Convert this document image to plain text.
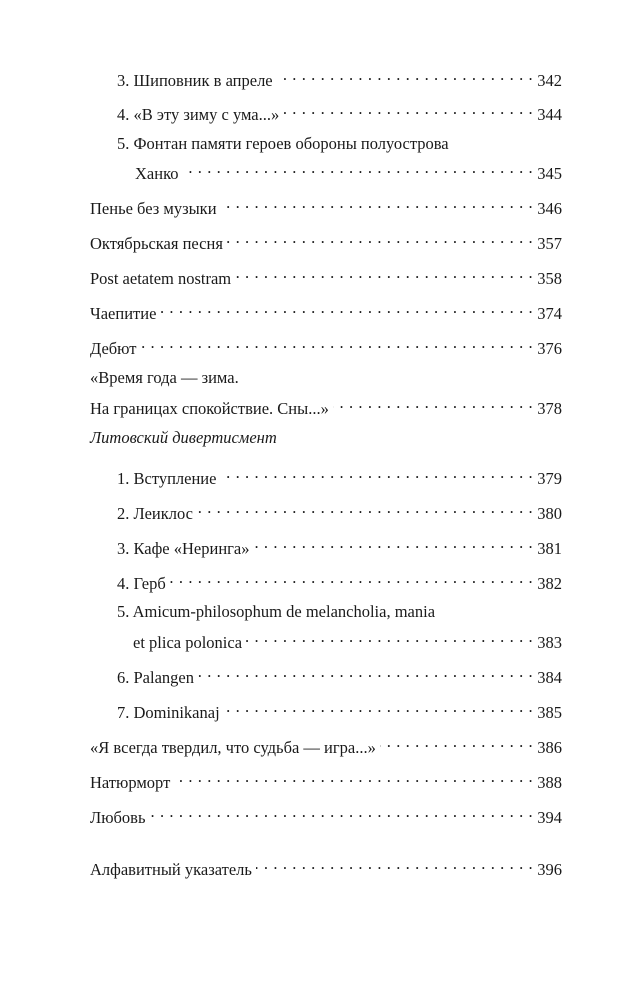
3. Шиповник в апреле . . .	342
4. «В эту зиму с ума...» . . .	344
5. Фонтан памяти героев обороны полуострова
Ханко . . .	345
Пенье без музыки . . .	346
Октябрьская песня . . .	357
Post aetatem nostram . . .	358
Чаепитие . . .	374
Дебют . . .	376
«Время года — зима.
На границах спокойствие. Сны...» . . .	378
Литовский дивертисмент
1. Вступление . . .	379
2. Леиклос . . .	380
3. Кафе «Неринга» . . .	381
4. Герб . . .	382
5. Amicum-philosophum de melancholia, mania
et plica polonica . . .	383
6. Palangen . . .	384
7. Dominikanaj . . .	385
«Я всегда твердил, что судьба — игра...» . . .	386
Натюрморт . . .	388
Любовь . . .	394
Алфавитный указатель . . .	396
